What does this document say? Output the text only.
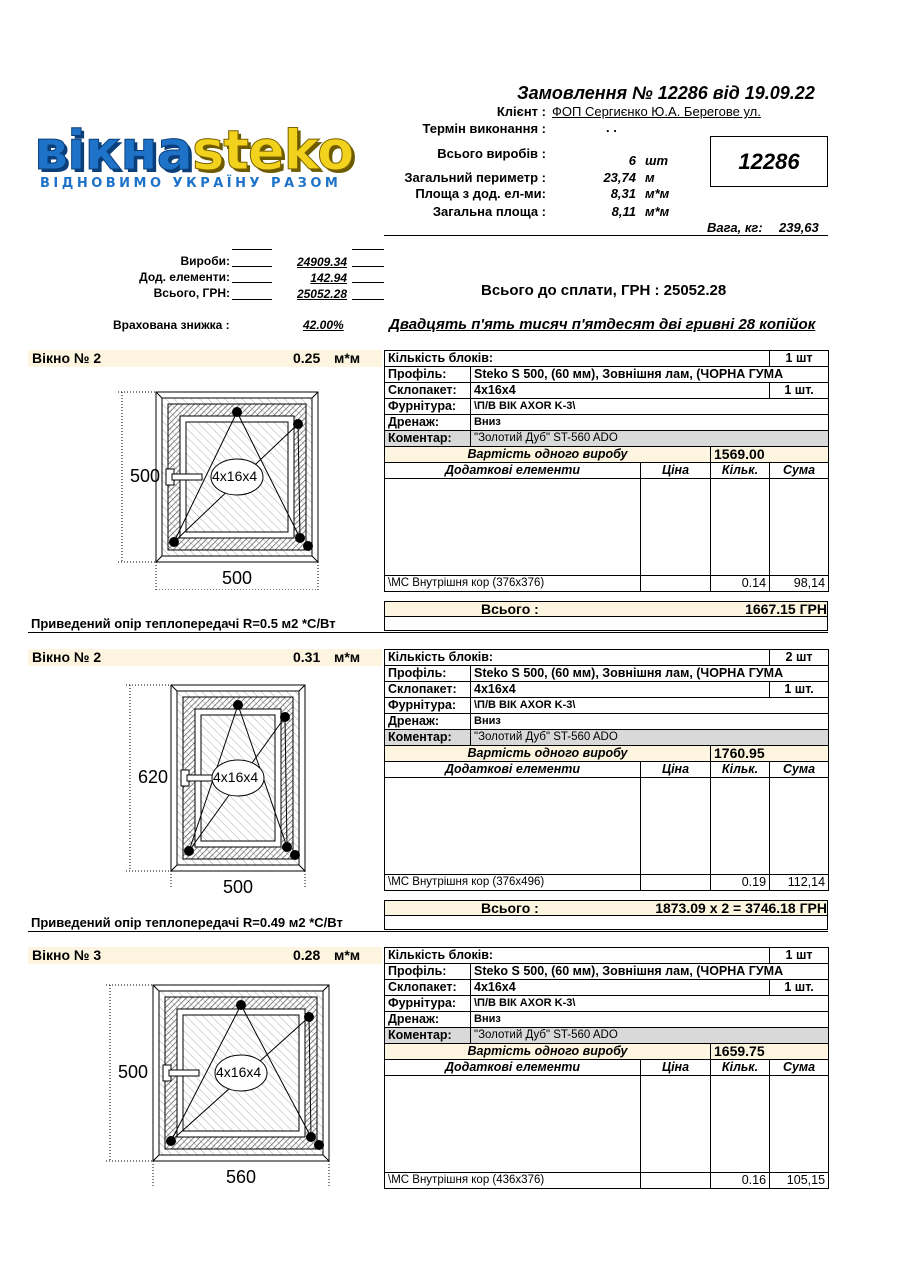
Замовлення № 12286 від 19.09.22
Клієнт : ФОП Сергиєнко Ю.А. Берегове ул.
Термін виконання :	. .
Всього виробів :	6 шт
Загальний периметр :	23,74 м
Площа з дод. ел-ми:	8,31 м*м
Загальна площа :	8,11 м*м
12286
Вага, кг: 239,63
вікнаsteko
ВІДНОВИМО УКРАЇНУ РАЗОМ
Вироби:	24909.34
Дод. елементи:	142.94
Всього, ГРН:	25052.28	Всього до сплати, ГРН : 25052.28
Врахована знижка :	42.00%	Двадцять п'ять тисяч п'ятдесят дві гривні 28 копійок
Вікно № 2	0.25 м*м
500
500
4x16x4
Кількість блоків:				1 шт
Профіль:	Steko S 500, (60 мм), Зовнішня лам, (ЧОРНА ГУМА			
Склопакет:	4x16x4			1 шт.
Фурнітура:	\П/В ВІК AXOR K-3\			
Дренаж:	Вниз			
Коментар:	"Золотий Дуб" ST-560 ADO			
Вартість одного виробу			1569.00	
Додаткові елементи		Ціна	Кільк.	Сума

\МС Внутрішня кор (376x376)			0.14	98,14
Всього :	1667.15 ГРН
Приведений опір теплопередачі R=0.5 м2 *C/Вт
Вікно № 2	0.31 м*м
620
500
4x16x4
Кількість блоків:				2 шт
Профіль:	Steko S 500, (60 мм), Зовнішня лам, (ЧОРНА ГУМА			
Склопакет:	4x16x4			1 шт.
Фурнітура:	\П/В ВІК AXOR K-3\			
Дренаж:	Вниз			
Коментар:	"Золотий Дуб" ST-560 ADO			
Вартість одного виробу			1760.95	
Додаткові елементи		Ціна	Кільк.	Сума

\МС Внутрішня кор (376x496)			0.19	112,14
Всього :	1873.09 x 2 = 3746.18 ГРН
Приведений опір теплопередачі R=0.49 м2 *C/Вт
Вікно № 3	0.28 м*м
500
560
4x16x4
Кількість блоків:				1 шт
Профіль:	Steko S 500, (60 мм), Зовнішня лам, (ЧОРНА ГУМА			
Склопакет:	4x16x4			1 шт.
Фурнітура:	\П/В ВІК AXOR K-3\			
Дренаж:	Вниз			
Коментар:	"Золотий Дуб" ST-560 ADO			
Вартість одного виробу			1659.75	
Додаткові елементи		Ціна	Кільк.	Сума

\МС Внутрішня кор (436x376)			0.16	105,15
